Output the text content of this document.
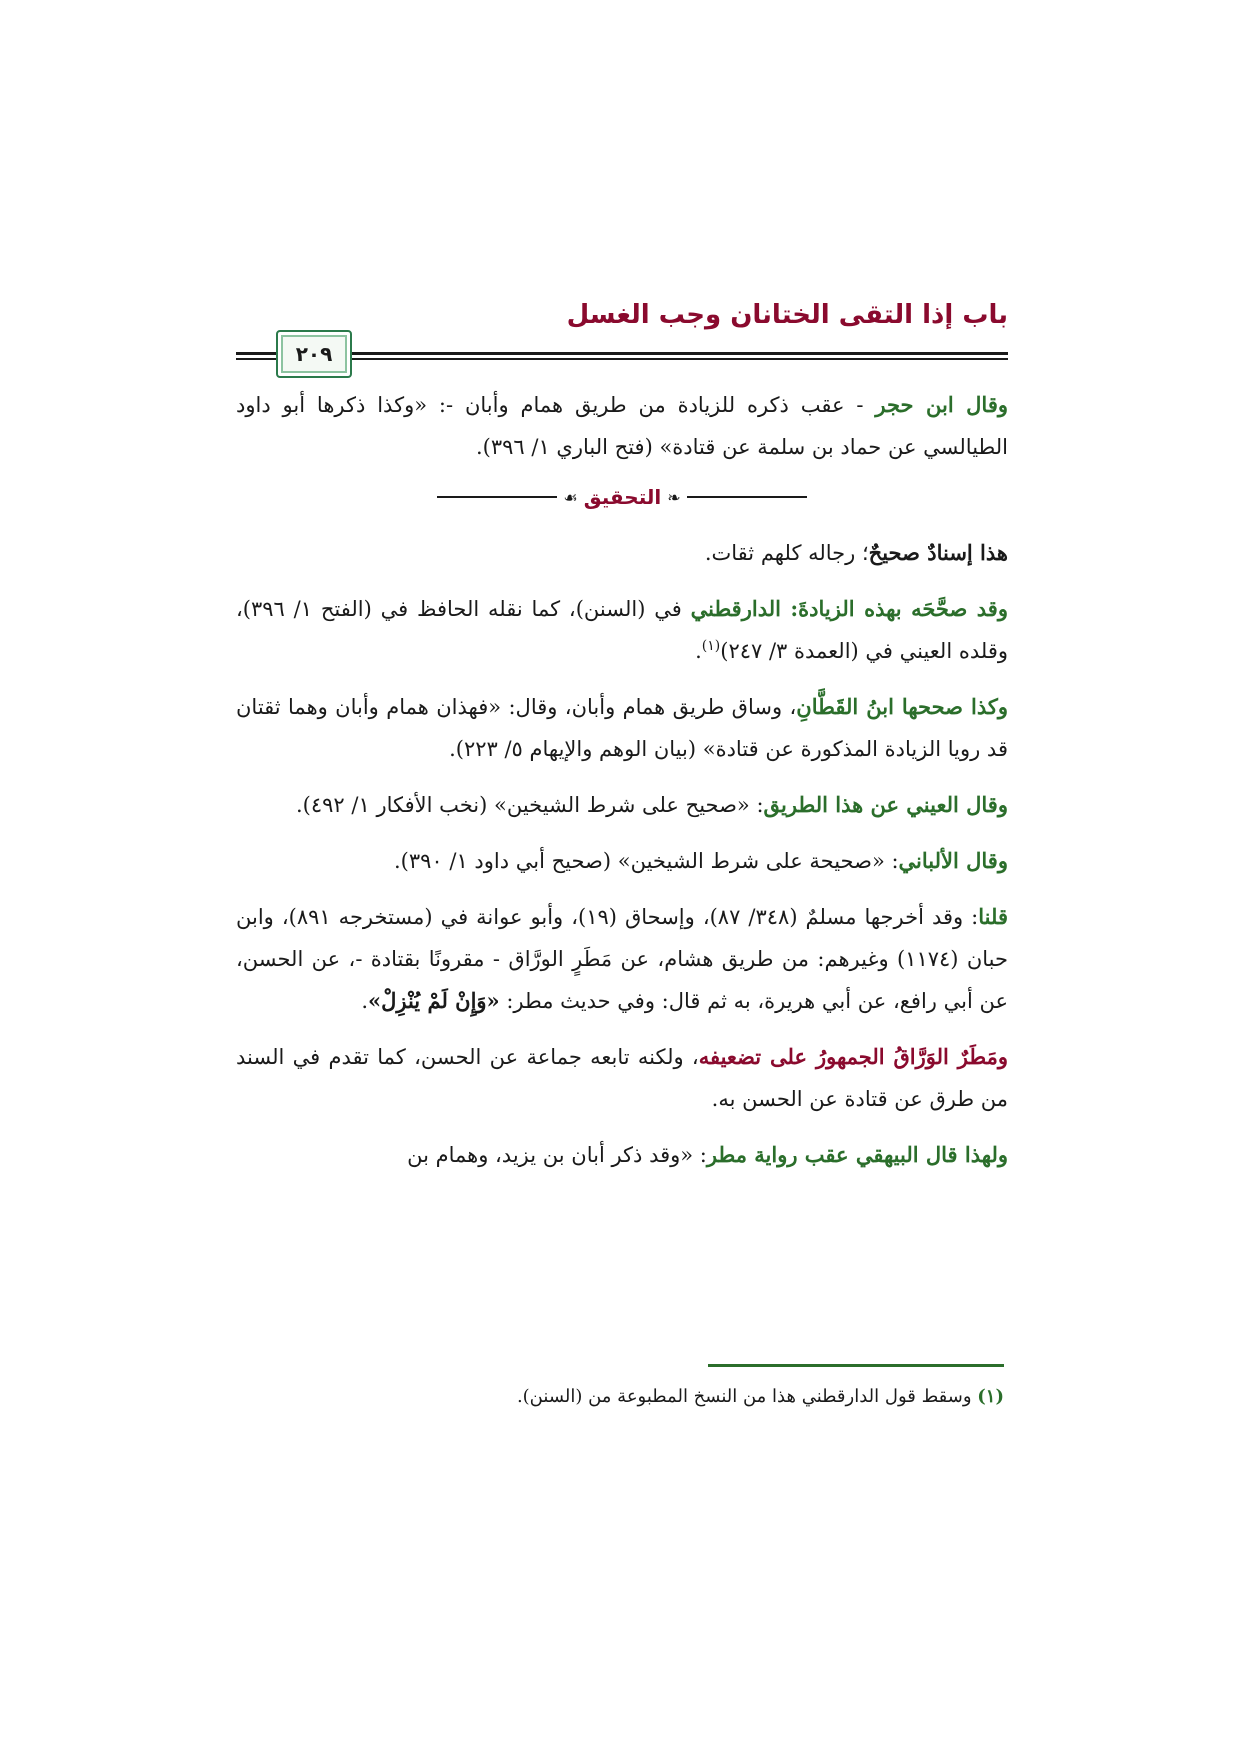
باب إذا التقى الختانان وجب الغسل
٢٠٩

وقال ابن حجر - عقب ذكره للزيادة من طريق همام وأبان -: «وكذا ذكرها أبو داود الطيالسي عن حماد بن سلمة عن قتادة» (فتح الباري ١/ ٣٩٦).

❧
التحقيق
☙

هذا إسنادٌ صحيحٌ؛ رجاله كلهم ثقات.

وقد صحَّحَه بهذه الزيادةَ: الدارقطني في (السنن)، كما نقله الحافظ في (الفتح ١/ ٣٩٦)، وقلده العيني في (العمدة ٣/ ٢٤٧)$^{(١)}$.

وكذا صححها ابنُ القَطَّانِ، وساق طريق همام وأبان، وقال: «فهذان همام وأبان وهما ثقتان قد رويا الزيادة المذكورة عن قتادة» (بيان الوهم والإيهام ٥/ ٢٢٣).

وقال العيني عن هذا الطريق: «صحيح على شرط الشيخين» (نخب الأفكار ١/ ٤٩٢).

وقال الألباني: «صحيحة على شرط الشيخين» (صحيح أبي داود ١/ ٣٩٠).

قلنا: وقد أخرجها مسلمٌ (٣٤٨/ ٨٧)، وإسحاق (١٩)، وأبو عوانة في (مستخرجه ٨٩١)، وابن حبان (١١٧٤) وغيرهم: من طريق هشام، عن مَطَرٍ الورَّاق - مقرونًا بقتادة -، عن الحسن، عن أبي رافع، عن أبي هريرة، به ثم قال: وفي حديث مطر: «وَإِنْ لَمْ يُنْزِلْ».

ومَطَرٌ الوَرَّاقُ الجمهورُ على تضعيفه، ولكنه تابعه جماعة عن الحسن، كما تقدم في السند من طرق عن قتادة عن الحسن به.

ولهذا قال البيهقي عقب رواية مطر: «وقد ذكر أبان بن يزيد، وهمام بن

(١) وسقط قول الدارقطني هذا من النسخ المطبوعة من (السنن).
